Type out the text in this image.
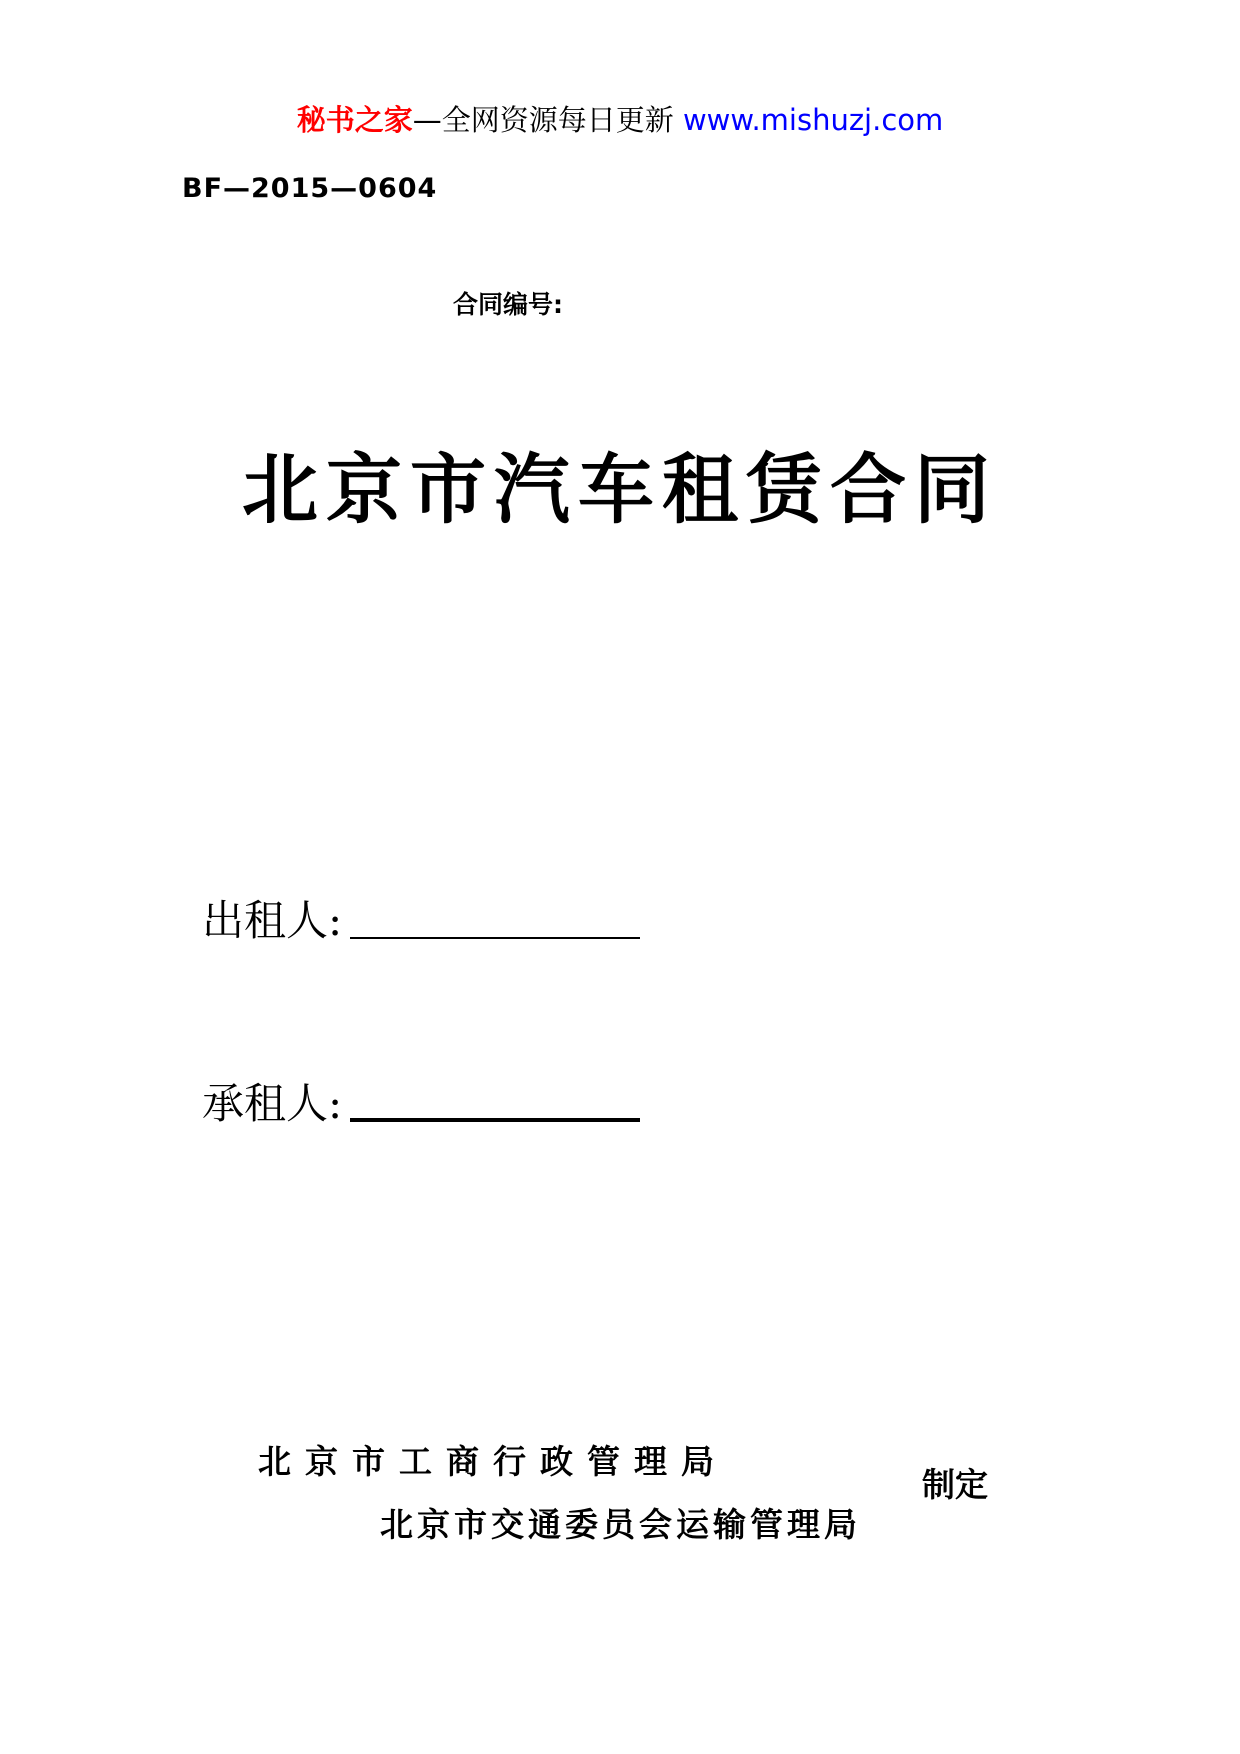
秘书之家—全网资源每日更新 www.mishuzj.com
BF—2015—0604
合同编号:
北京市汽车租赁合同
出租人:
承租人:
北京市工商行政管理局
北京市交通委员会运输管理局
制定
